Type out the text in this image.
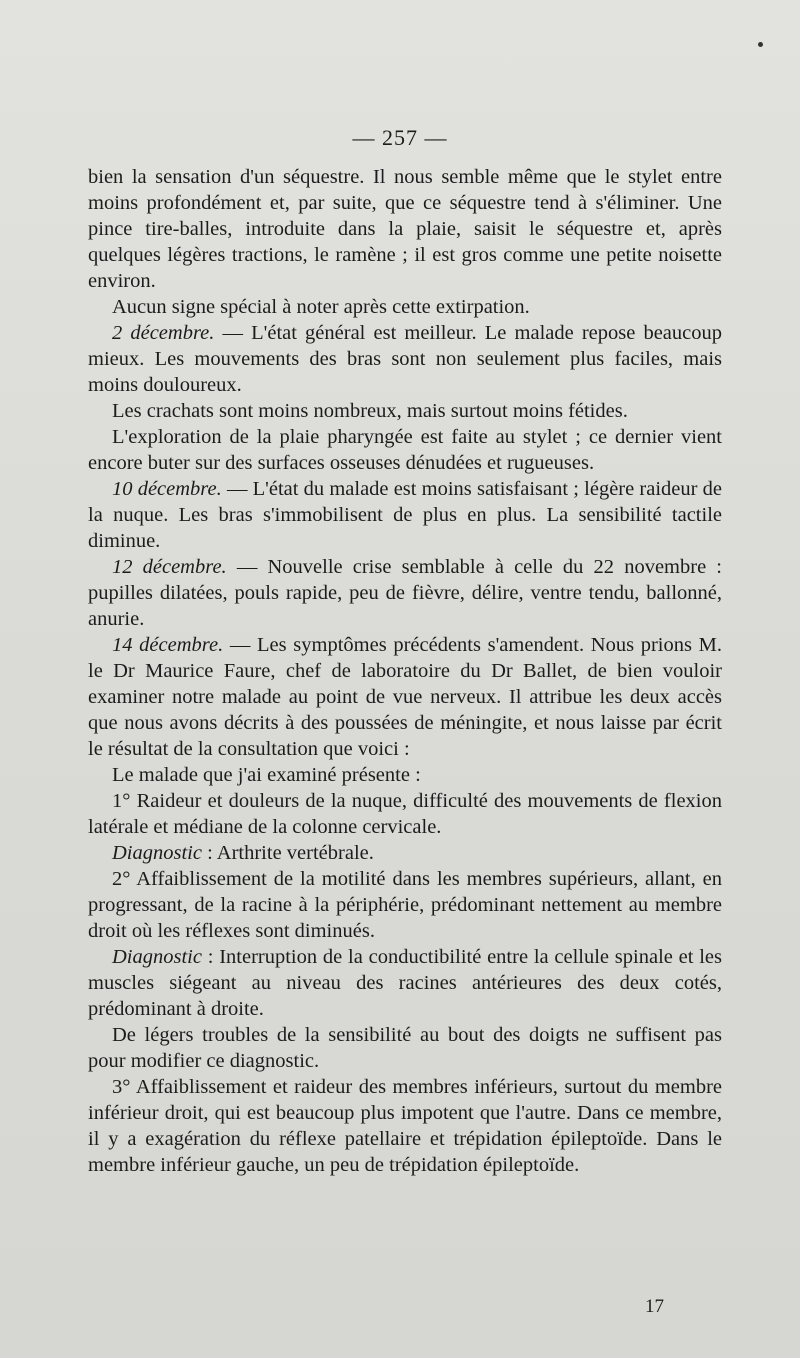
— 257 —

bien la sensation d'un séquestre. Il nous semble même que le stylet entre moins profondément et, par suite, que ce séquestre tend à s'éliminer. Une pince tire-balles, introduite dans la plaie, saisit le séquestre et, après quelques légères tractions, le ramène ; il est gros comme une petite noisette environ.

Aucun signe spécial à noter après cette extirpation.

2 décembre. — L'état général est meilleur. Le malade repose beaucoup mieux. Les mouvements des bras sont non seulement plus faciles, mais moins douloureux.

Les crachats sont moins nombreux, mais surtout moins fétides.

L'exploration de la plaie pharyngée est faite au stylet ; ce dernier vient encore buter sur des surfaces osseuses dénudées et rugueuses.

10 décembre. — L'état du malade est moins satisfaisant ; légère raideur de la nuque. Les bras s'immobilisent de plus en plus. La sensibilité tactile diminue.

12 décembre. — Nouvelle crise semblable à celle du 22 novembre : pupilles dilatées, pouls rapide, peu de fièvre, délire, ventre tendu, ballonné, anurie.

14 décembre. — Les symptômes précédents s'amendent. Nous prions M. le Dr Maurice Faure, chef de laboratoire du Dr Ballet, de bien vouloir examiner notre malade au point de vue nerveux. Il attribue les deux accès que nous avons décrits à des poussées de méningite, et nous laisse par écrit le résultat de la consultation que voici :

Le malade que j'ai examiné présente :

1° Raideur et douleurs de la nuque, difficulté des mouvements de flexion latérale et médiane de la colonne cervicale.

Diagnostic : Arthrite vertébrale.

2° Affaiblissement de la motilité dans les membres supérieurs, allant, en progressant, de la racine à la périphérie, prédominant nettement au membre droit où les réflexes sont diminués.

Diagnostic : Interruption de la conductibilité entre la cellule spinale et les muscles siégeant au niveau des racines antérieures des deux cotés, prédominant à droite.

De légers troubles de la sensibilité au bout des doigts ne suffisent pas pour modifier ce diagnostic.

3° Affaiblissement et raideur des membres inférieurs, surtout du membre inférieur droit, qui est beaucoup plus impotent que l'autre. Dans ce membre, il y a exagération du réflexe patellaire et trépidation épileptoïde. Dans le membre inférieur gauche, un peu de trépidation épileptoïde.

17
